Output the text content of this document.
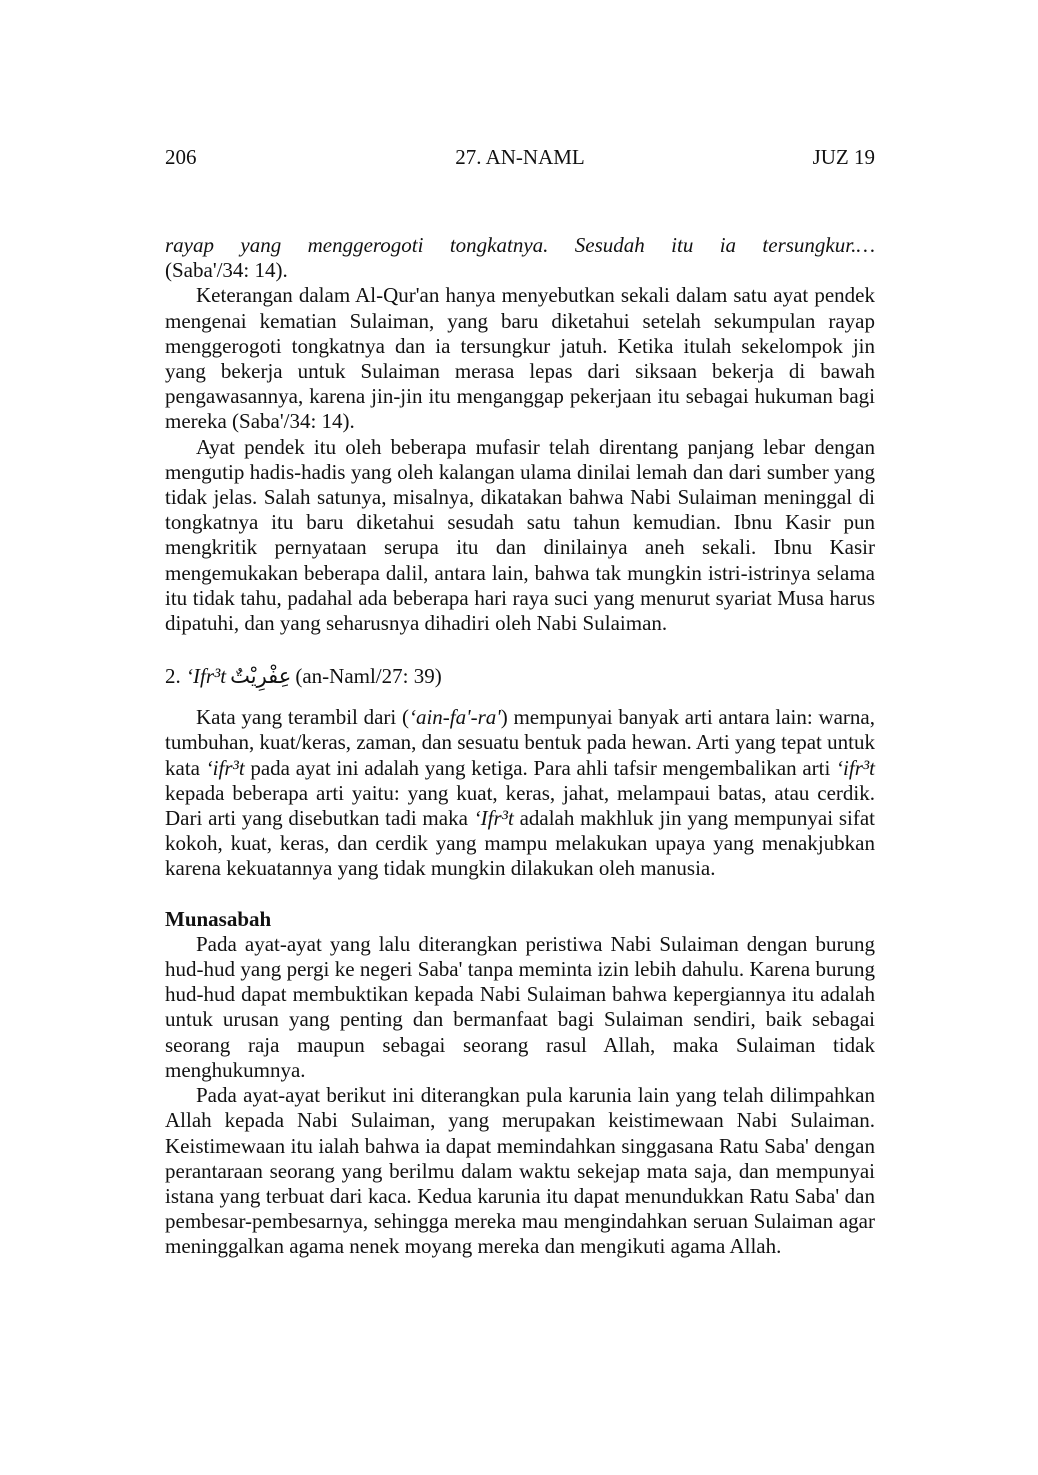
206	27. AN-NAML	JUZ 19

rayap yang menggerogoti tongkatnya. Sesudah itu ia tersungkur.…

(Saba'/34: 14).

Keterangan dalam Al-Qur'an hanya menyebutkan sekali dalam satu ayat pendek mengenai kematian Sulaiman, yang baru diketahui setelah sekumpulan rayap menggerogoti tongkatnya dan ia tersungkur jatuh. Ketika itulah sekelompok jin yang bekerja untuk Sulaiman merasa lepas dari siksaan bekerja di bawah pengawasannya, karena jin-jin itu menganggap pekerjaan itu sebagai hukuman bagi mereka (Saba'/34: 14).

Ayat pendek itu oleh beberapa mufasir telah direntang panjang lebar dengan mengutip hadis-hadis yang oleh kalangan ulama dinilai lemah dan dari sumber yang tidak jelas. Salah satunya, misalnya, dikatakan bahwa Nabi Sulaiman meninggal di tongkatnya itu baru diketahui sesudah satu tahun kemudian. Ibnu Kasir pun mengkritik pernyataan serupa itu dan dinilainya aneh sekali. Ibnu Kasir mengemukakan beberapa dalil, antara lain, bahwa tak mungkin istri-istrinya selama itu tidak tahu, padahal ada beberapa hari raya suci yang menurut syariat Musa harus dipatuhi, dan yang seharusnya dihadiri oleh Nabi Sulaiman.

2. ‘Ifr³t عِفْرِيْتٌ (an-Naml/27: 39)

Kata yang terambil dari (‘ain-fa'-ra') mempunyai banyak arti antara lain: warna, tumbuhan, kuat/keras, zaman, dan sesuatu bentuk pada hewan. Arti yang tepat untuk kata ‘ifr³t pada ayat ini adalah yang ketiga. Para ahli tafsir mengembalikan arti ‘ifr³t kepada beberapa arti yaitu: yang kuat, keras, jahat, melampaui batas, atau cerdik. Dari arti yang disebutkan tadi maka ‘Ifr³t adalah makhluk jin yang mempunyai sifat kokoh, kuat, keras, dan cerdik yang mampu melakukan upaya yang menakjubkan karena kekuatannya yang tidak mungkin dilakukan oleh manusia.

Munasabah

Pada ayat-ayat yang lalu diterangkan peristiwa Nabi Sulaiman dengan burung hud-hud yang pergi ke negeri Saba' tanpa meminta izin lebih dahulu. Karena burung hud-hud dapat membuktikan kepada Nabi Sulaiman bahwa kepergiannya itu adalah untuk urusan yang penting dan bermanfaat bagi Sulaiman sendiri, baik sebagai seorang raja maupun sebagai seorang rasul Allah, maka Sulaiman tidak menghukumnya.

Pada ayat-ayat berikut ini diterangkan pula karunia lain yang telah dilimpahkan Allah kepada Nabi Sulaiman, yang merupakan keistimewaan Nabi Sulaiman. Keistimewaan itu ialah bahwa ia dapat memindahkan singgasana Ratu Saba' dengan perantaraan seorang yang berilmu dalam waktu sekejap mata saja, dan mempunyai istana yang terbuat dari kaca. Kedua karunia itu dapat menundukkan Ratu Saba' dan pembesar-pembesarnya, sehingga mereka mau mengindahkan seruan Sulaiman agar meninggalkan agama nenek moyang mereka dan mengikuti agama Allah.
